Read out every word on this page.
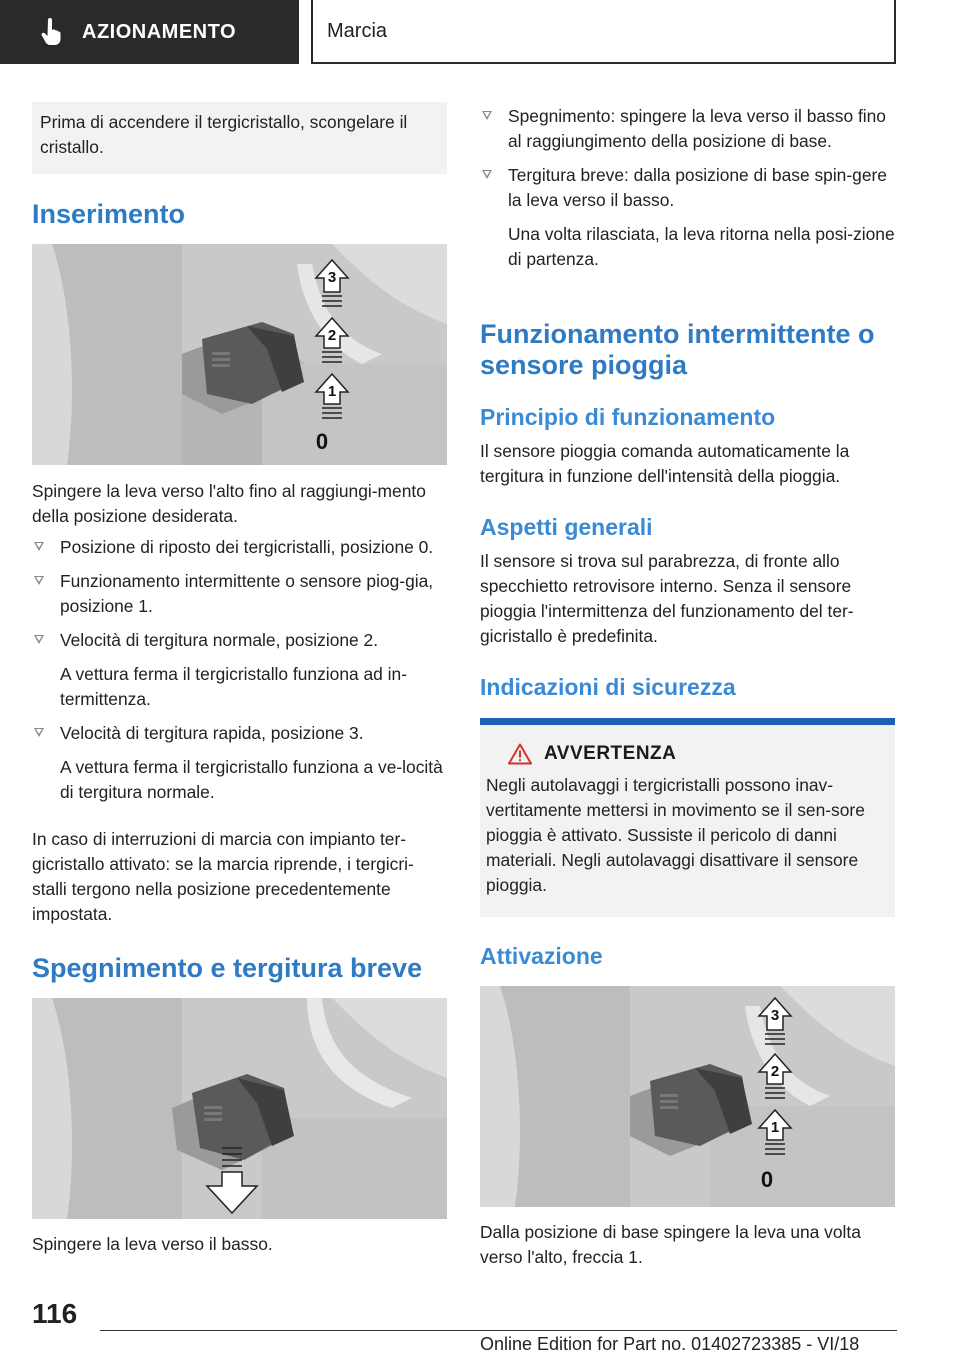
AZIONAMENTO	Marcia
Prima di accendere il tergicristallo, scongelare il cristallo.
Inserimento
3
2
1
0
Spingere la leva verso l'alto fino al raggiungi-mento della posizione desiderata.
Posizione di riposto dei tergicristalli, posizione 0.
Funzionamento intermittente o sensore piog-gia, posizione 1.
Velocità di tergitura normale, posizione 2.
A vettura ferma il tergicristallo funziona ad in-termittenza.
Velocità di tergitura rapida, posizione 3.
A vettura ferma il tergicristallo funziona a ve-locità di tergitura normale.
In caso di interruzioni di marcia con impianto ter-gicristallo attivato: se la marcia riprende, i tergicri-stalli tergono nella posizione precedentemente impostata.
Spegnimento e tergitura breve
Spingere la leva verso il basso.
Spegnimento: spingere la leva verso il basso fino al raggiungimento della posizione di base.
Tergitura breve: dalla posizione di base spin-gere la leva verso il basso.
Una volta rilasciata, la leva ritorna nella posi-zione di partenza.
Funzionamento intermittente o sensore pioggia
Principio di funzionamento
Il sensore pioggia comanda automaticamente la tergitura in funzione dell'intensità della pioggia.
Aspetti generali
Il sensore si trova sul parabrezza, di fronte allo specchietto retrovisore interno. Senza il sensore pioggia l'intermittenza del funzionamento del ter-gicristallo è predefinita.
Indicazioni di sicurezza
AVVERTENZA
Negli autolavaggi i tergicristalli possono inav-vertitamente mettersi in movimento se il sen-sore pioggia è attivato. Sussiste il pericolo di danni materiali. Negli autolavaggi disattivare il sensore pioggia.
Attivazione
3
2
1
0
Dalla posizione di base spingere la leva una volta verso l'alto, freccia 1.
116
Online Edition for Part no. 01402723385 - VI/18
